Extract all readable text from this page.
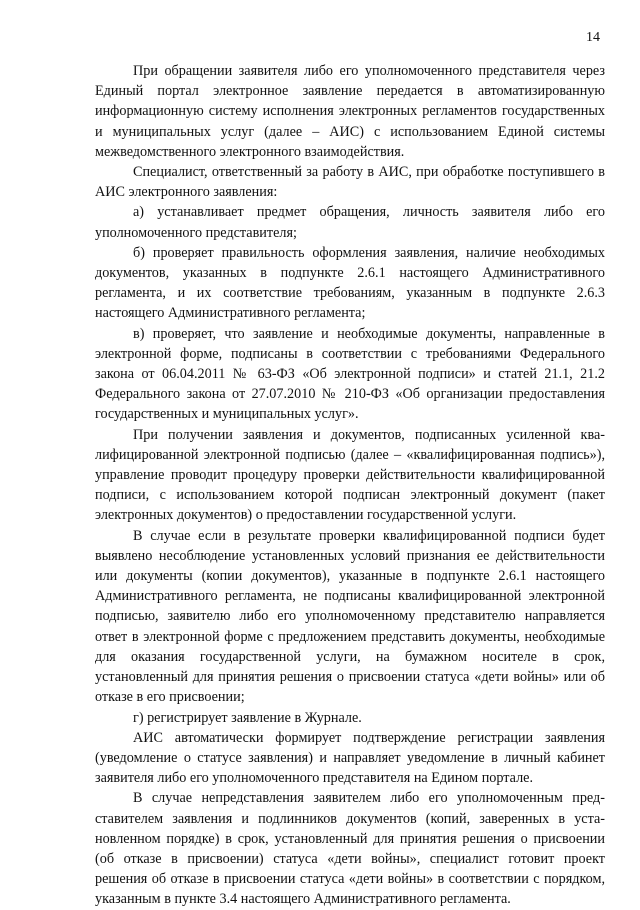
14

При обращении заявителя либо его уполномоченного представителя через Единый портал электронное заявление передается в автоматизированную информационную систему исполнения электронных регламентов государственных и муниципальных услуг (далее – АИС) с использованием Единой системы межведомственного электронного взаимодействия.

Специалист, ответственный за работу в АИС, при обработке поступившего в АИС электронного заявления:

а) устанавливает предмет обращения, личность заявителя либо его уполномоченного представителя;

б) проверяет правильность оформления заявления, наличие необходимых документов, указанных в подпункте 2.6.1 настоящего Административного регламента, и их соответствие требованиям, указанным в подпункте 2.6.3 настоящего Административного регламента;

в) проверяет, что заявление и необходимые документы, направленные в электронной форме, подписаны в соответствии с требованиями Федерального закона от 06.04.2011 № 63-ФЗ «Об электронной подписи» и статей 21.1, 21.2 Федерального закона от 27.07.2010 № 210-ФЗ «Об организации предоставления государственных и муниципальных услуг».

При получении заявления и документов, подписанных усиленной квалифицированной электронной подписью (далее – «квалифицированная подпись»), управление проводит процедуру проверки действительности квалифицированной подписи, с использованием которой подписан электронный документ (пакет электронных документов) о предоставлении государственной услуги.

В случае если в результате проверки квалифицированной подписи будет выявлено несоблюдение установленных условий признания ее действительности или документы (копии документов), указанные в подпункте 2.6.1 настоящего Административного регламента, не подписаны квалифицированной электронной подписью, заявителю либо его уполномоченному представителю направляется ответ в электронной форме с предложением представить документы, необходимые для оказания государственной услуги, на бумажном носителе в срок, установленный для принятия решения о присвоении статуса «дети войны» или об отказе в его присвоении;

г) регистрирует заявление в Журнале.

АИС автоматически формирует подтверждение регистрации заявления (уведомление о статусе заявления) и направляет уведомление в личный кабинет заявителя либо его уполномоченного представителя на Едином портале.

В случае непредставления заявителем либо его уполномоченным представителем заявления и подлинников документов (копий, заверенных в установленном порядке) в срок, установленный для принятия решения о присвоении (об отказе в присвоении) статуса «дети войны», специалист готовит проект решения об отказе в присвоении статуса «дети войны» в соответствии с порядком, указанным в пункте 3.4 настоящего Административного регламента.
